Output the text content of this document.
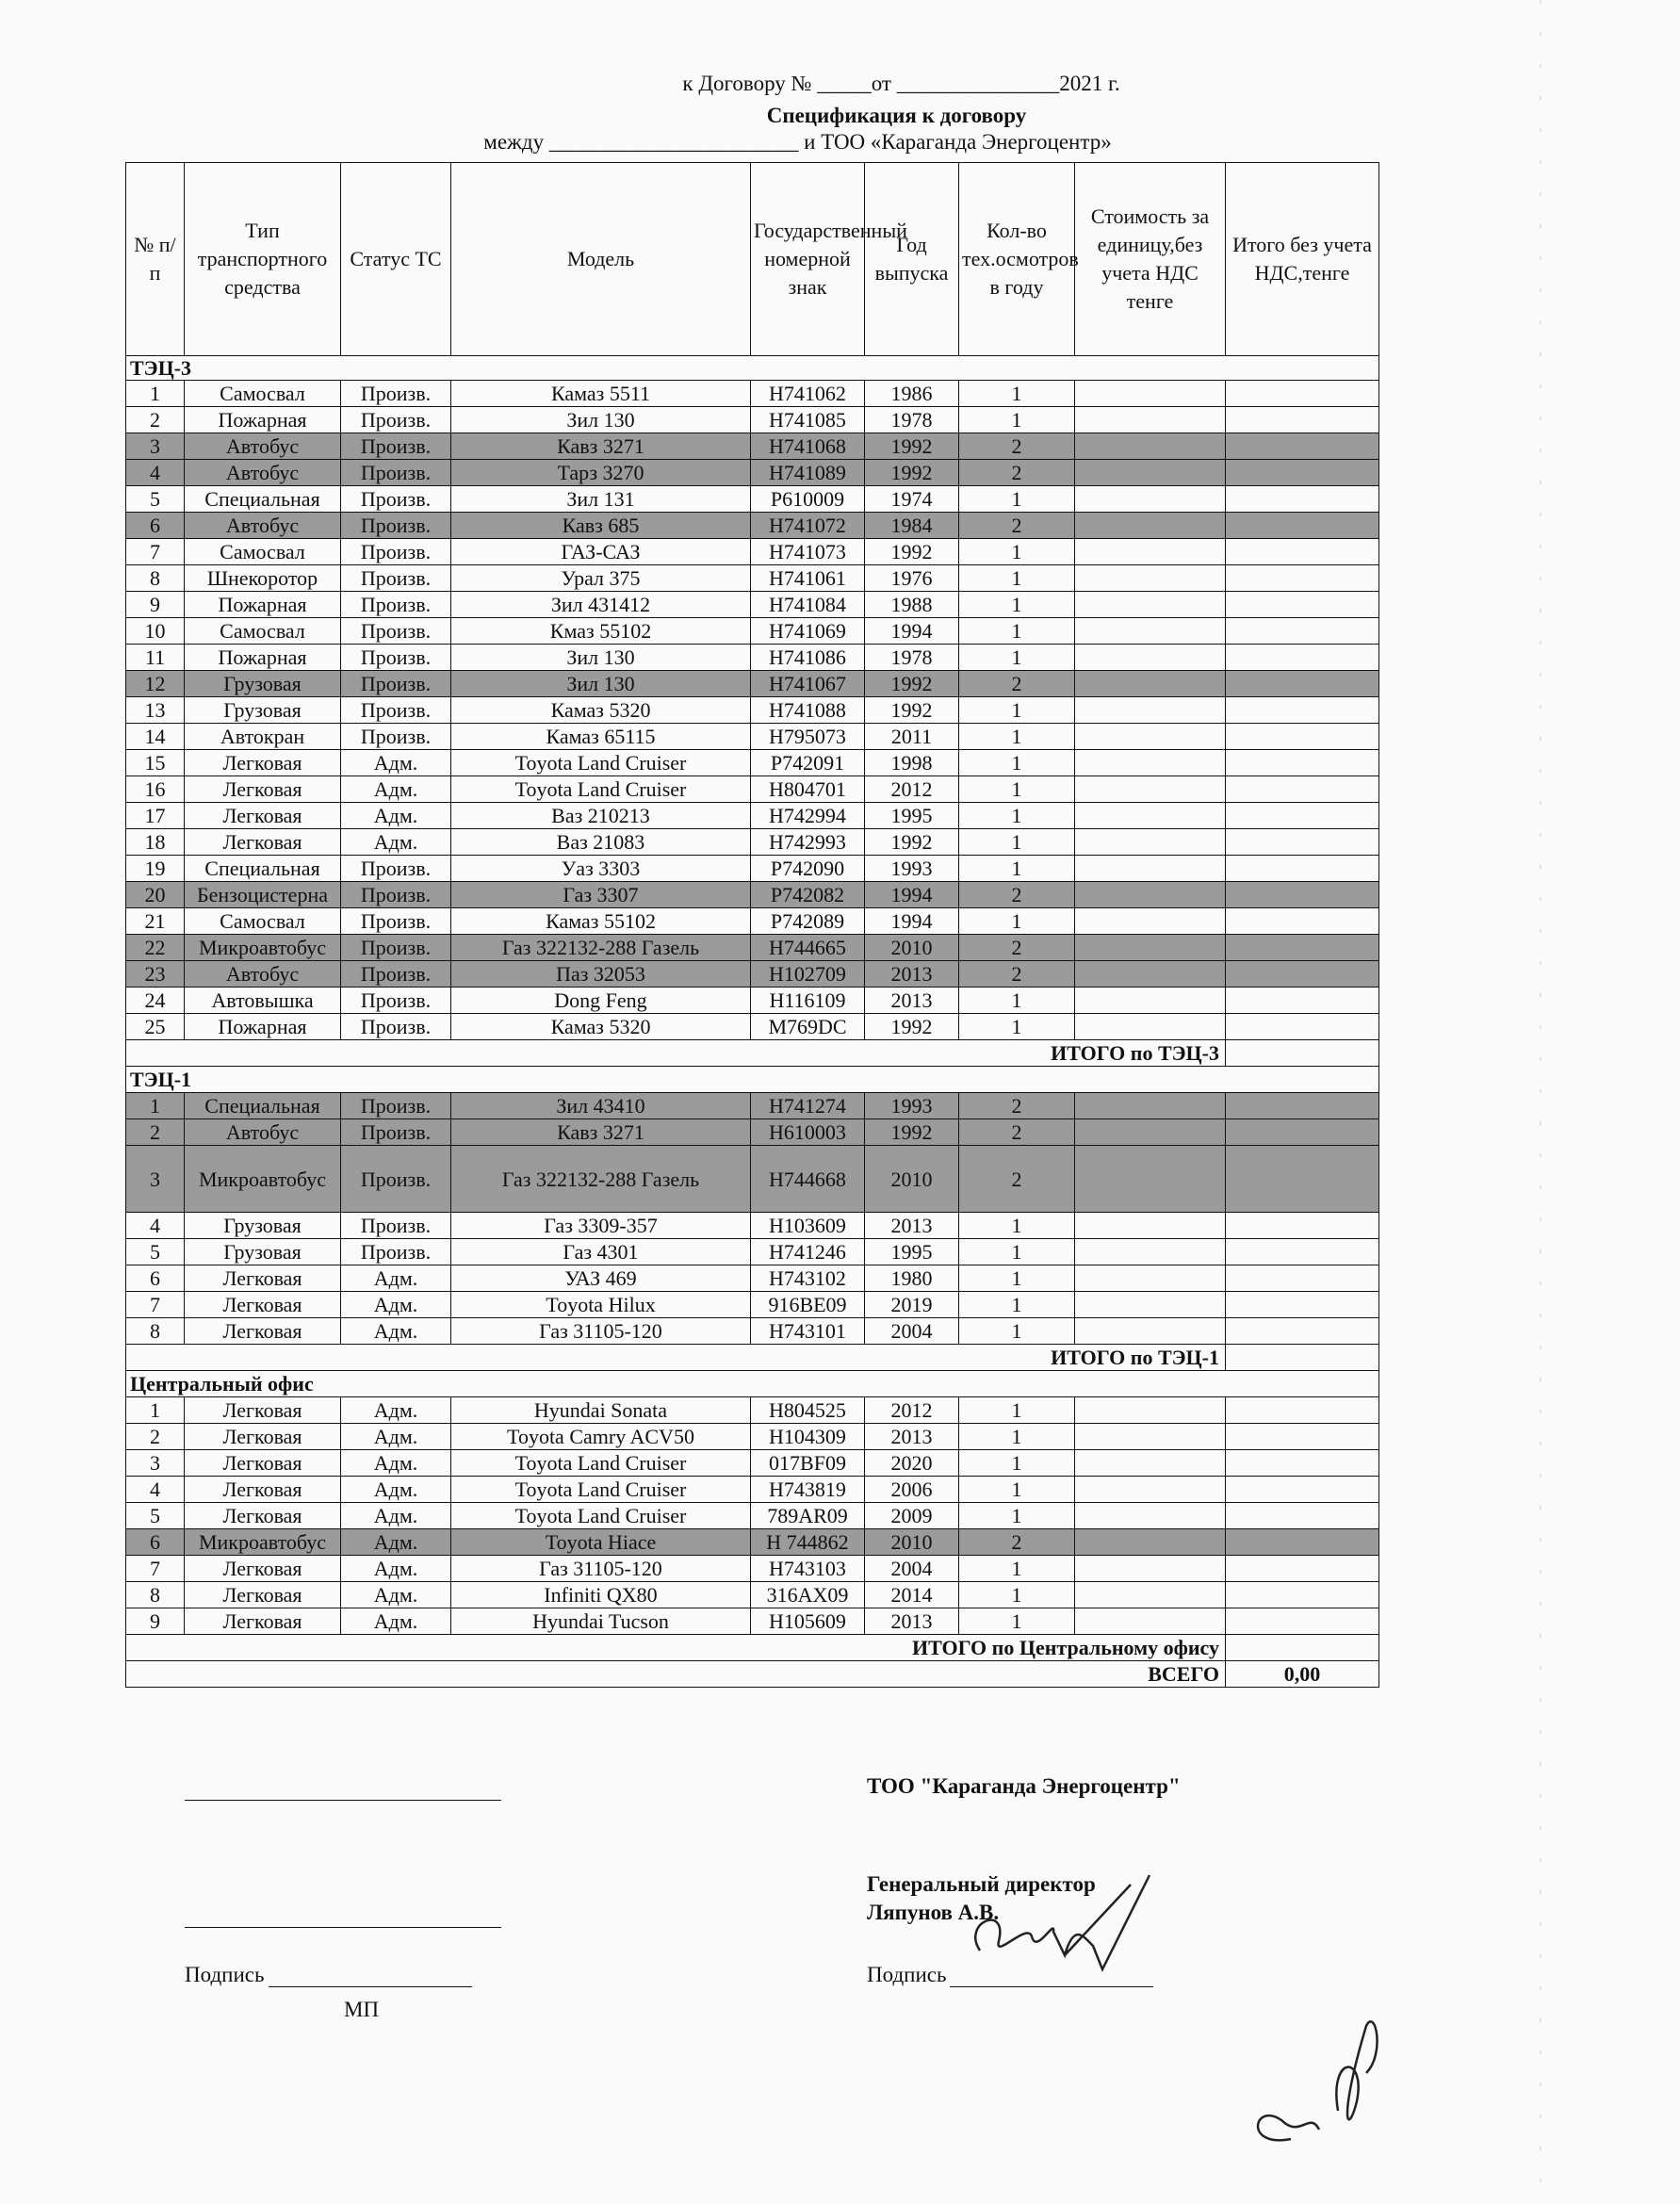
к Договору № _____от _______________2021 г.
Спецификация к договору
между _______________________ и ТОО «Караганда Энергоцентр»
№ п/п	Тип транспортного средства	Статус ТС	Модель	Государственный номерной знак	Год выпуска	Кол-во тех.осмотров в году	Стоимость за единицу,без учета НДС тенге	Итого без учета НДС,тенге
ТЭЦ-3								
1	Самосвал	Произв.	Камаз 5511	Н741062	1986	1		
2	Пожарная	Произв.	Зил 130	Н741085	1978	1		
3	Автобус	Произв.	Кавз 3271	Н741068	1992	2		
4	Автобус	Произв.	Тарз 3270	Н741089	1992	2		
5	Специальная	Произв.	Зил 131	Р610009	1974	1		
6	Автобус	Произв.	Кавз 685	Н741072	1984	2		
7	Самосвал	Произв.	ГАЗ-САЗ	Н741073	1992	1		
8	Шнекоротор	Произв.	Урал 375	Н741061	1976	1		
9	Пожарная	Произв.	Зил 431412	Н741084	1988	1		
10	Самосвал	Произв.	Кмаз 55102	Н741069	1994	1		
11	Пожарная	Произв.	Зил 130	Н741086	1978	1		
12	Грузовая	Произв.	Зил 130	Н741067	1992	2		
13	Грузовая	Произв.	Камаз 5320	Н741088	1992	1		
14	Автокран	Произв.	Камаз 65115	Н795073	2011	1		
15	Легковая	Адм.	Toyota Land Cruiser	Р742091	1998	1		
16	Легковая	Адм.	Toyota Land Cruiser	Н804701	2012	1		
17	Легковая	Адм.	Ваз 210213	Н742994	1995	1		
18	Легковая	Адм.	Ваз 21083	Н742993	1992	1		
19	Специальная	Произв.	Уаз 3303	Р742090	1993	1		
20	Бензоцистерна	Произв.	Газ 3307	Р742082	1994	2		
21	Самосвал	Произв.	Камаз 55102	Р742089	1994	1		
22	Микроавтобус	Произв.	Газ 322132-288 Газель	Н744665	2010	2		
23	Автобус	Произв.	Паз 32053	Н102709	2013	2		
24	Автовышка	Произв.	Dong Feng	Н116109	2013	1		
25	Пожарная	Произв.	Камаз 5320	М769DC	1992	1		
ИТОГО по ТЭЦ-3								
ТЭЦ-1								
1	Специальная	Произв.	Зил 43410	Н741274	1993	2		
2	Автобус	Произв.	Кавз 3271	Н610003	1992	2		
3	Микроавтобус	Произв.	Газ 322132-288 Газель	Н744668	2010	2		
4	Грузовая	Произв.	Газ 3309-357	Н103609	2013	1		
5	Грузовая	Произв.	Газ 4301	Н741246	1995	1		
6	Легковая	Адм.	УАЗ 469	Н743102	1980	1		
7	Легковая	Адм.	Toyota Hilux	916BE09	2019	1		
8	Легковая	Адм.	Газ 31105-120	Н743101	2004	1		
ИТОГО по ТЭЦ-1								
Центральный офис								
1	Легковая	Адм.	Hyundai Sonata	Н804525	2012	1		
2	Легковая	Адм.	Toyota Camry ACV50	Н104309	2013	1		
3	Легковая	Адм.	Toyota Land Cruiser	017BF09	2020	1		
4	Легковая	Адм.	Toyota Land Cruiser	Н743819	2006	1		
5	Легковая	Адм.	Toyota Land Cruiser	789AR09	2009	1		
6	Микроавтобус	Адм.	Toyota Hiace	Н 744862	2010	2		
7	Легковая	Адм.	Газ 31105-120	Н743103	2004	1		
8	Легковая	Адм.	Infiniti QX80	316AX09	2014	1		
9	Легковая	Адм.	Hyundai Tucson	Н105609	2013	1		
ИТОГО по Центральному офису								
ВСЕГО								0,00
Подпись
МП
ТОО "Караганда Энергоцентр"
Генеральный директор
Ляпунов А.В.
Подпись
